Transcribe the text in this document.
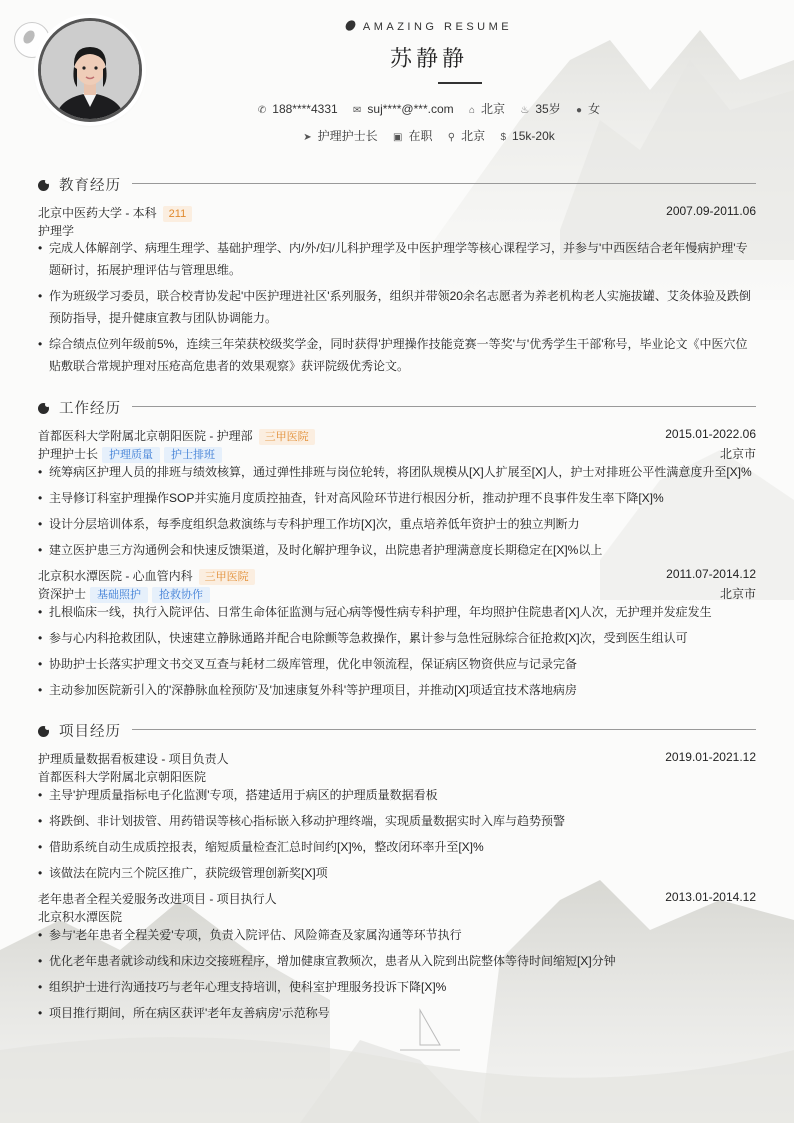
AMAZING RESUME
苏静静
✆ 188****4331 ✉ suj****@***.com ⌂ 北京 ♨ 35岁 ● 女
➤ 护理护士长 ▣ 在职 ⚲ 北京 $ 15k-20k
教育经历
北京中医药大学 - 本科 211	2007.09-2011.06
护理学
• 完成人体解剖学、病理生理学、基础护理学、内/外/妇/儿科护理学及中医护理学等核心课程学习，并参与'中西医结合老年慢病护理'专题研讨，拓展护理评估与管理思维。
• 作为班级学习委员，联合校青协发起'中医护理进社区'系列服务，组织并带领20余名志愿者为养老机构老人实施拔罐、艾灸体验及跌倒预防指导，提升健康宣教与团队协调能力。
• 综合绩点位列年级前5%，连续三年荣获校级奖学金，同时获得'护理操作技能竞赛一等奖'与'优秀学生干部'称号，毕业论文《中医穴位贴敷联合常规护理对压疮高危患者的效果观察》获评院级优秀论文。
工作经历
首都医科大学附属北京朝阳医院 - 护理部 三甲医院	2015.01-2022.06
护理护士长 护理质量 护士排班	北京市
• 统筹病区护理人员的排班与绩效核算，通过弹性排班与岗位轮转，将团队规模从[X]人扩展至[X]人，护士对排班公平性满意度升至[X]%
• 主导修订科室护理操作SOP并实施月度质控抽查，针对高风险环节进行根因分析，推动护理不良事件发生率下降[X]%
• 设计分层培训体系，每季度组织急救演练与专科护理工作坊[X]次，重点培养低年资护士的独立判断力
• 建立医护患三方沟通例会和快速反馈渠道，及时化解护理争议，出院患者护理满意度长期稳定在[X]%以上
北京积水潭医院 - 心血管内科 三甲医院	2011.07-2014.12
资深护士 基础照护 抢救协作	北京市
• 扎根临床一线，执行入院评估、日常生命体征监测与冠心病等慢性病专科护理，年均照护住院患者[X]人次，无护理并发症发生
• 参与心内科抢救团队，快速建立静脉通路并配合电除颤等急救操作，累计参与急性冠脉综合征抢救[X]次，受到医生组认可
• 协助护士长落实护理文书交叉互查与耗材二级库管理，优化申领流程，保证病区物资供应与记录完备
• 主动参加医院新引入的'深静脉血栓预防'及'加速康复外科'等护理项目，并推动[X]项适宜技术落地病房
项目经历
护理质量数据看板建设 - 项目负责人	2019.01-2021.12
首都医科大学附属北京朝阳医院
• 主导'护理质量指标电子化监测'专项，搭建适用于病区的护理质量数据看板
• 将跌倒、非计划拔管、用药错误等核心指标嵌入移动护理终端，实现质量数据实时入库与趋势预警
• 借助系统自动生成质控报表，缩短质量检查汇总时间约[X]%，整改闭环率升至[X]%
• 该做法在院内三个院区推广，获院级管理创新奖[X]项
老年患者全程关爱服务改进项目 - 项目执行人	2013.01-2014.12
北京积水潭医院
• 参与'老年患者全程关爱'专项，负责入院评估、风险筛查及家属沟通等环节执行
• 优化老年患者就诊动线和床边交接班程序，增加健康宣教频次，患者从入院到出院整体等待时间缩短[X]分钟
• 组织护士进行沟通技巧与老年心理支持培训，使科室护理服务投诉下降[X]%
• 项目推行期间，所在病区获评'老年友善病房'示范称号
